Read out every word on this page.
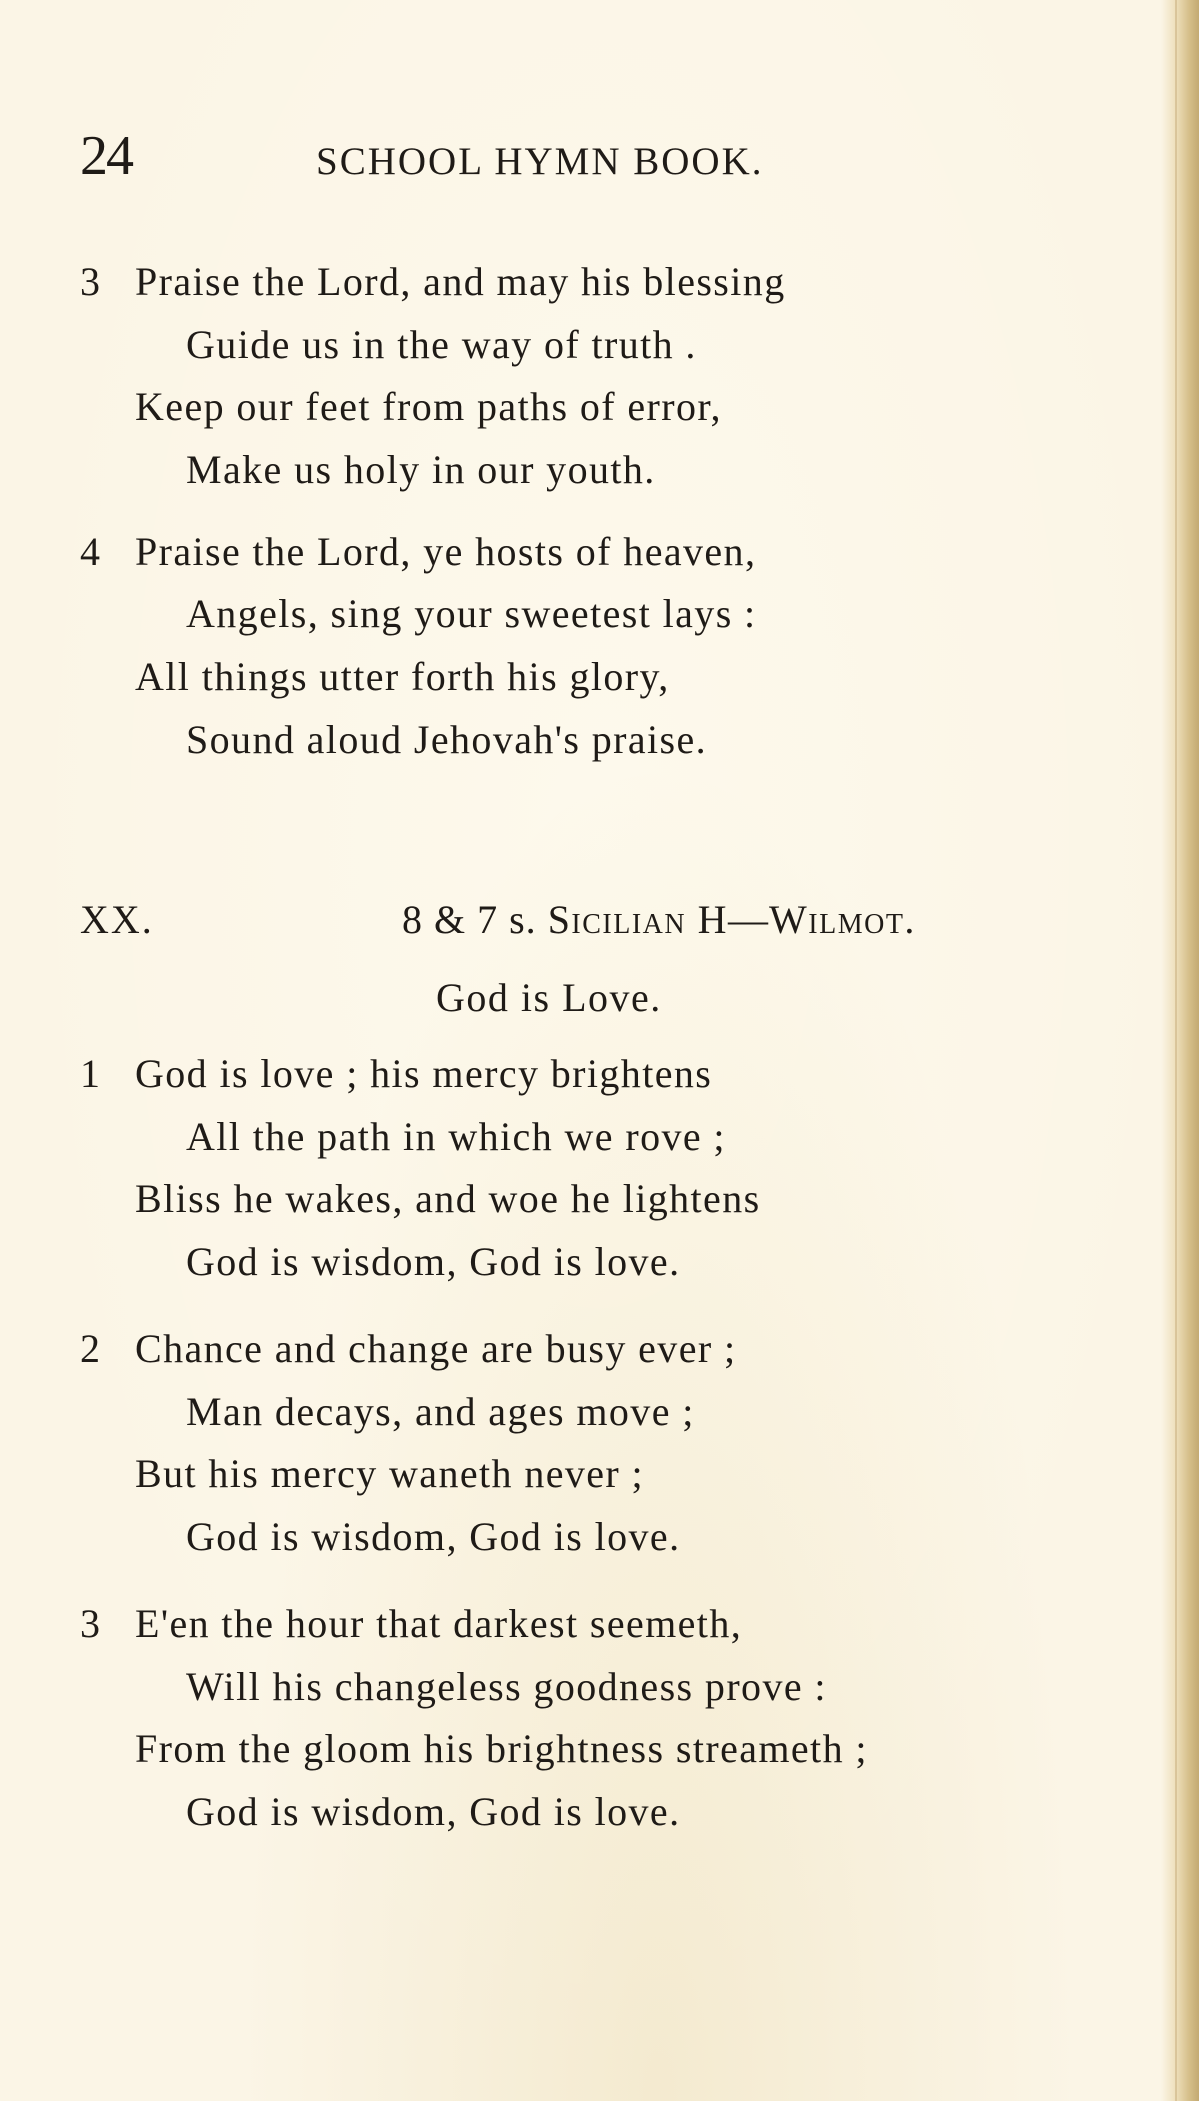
24	SCHOOL HYMN BOOK.
3 Praise the Lord, and may his blessing
Guide us in the way of truth .
Keep our feet from paths of error,
Make us holy in our youth.
4 Praise the Lord, ye hosts of heaven,
Angels, sing your sweetest lays :
All things utter forth his glory,
Sound aloud Jehovah's praise.
XX.	8 & 7 s. Sicilian H—Wilmot.
God is Love.
1 God is love ; his mercy brightens
All the path in which we rove ;
Bliss he wakes, and woe he lightens
God is wisdom, God is love.
2 Chance and change are busy ever ;
Man decays, and ages move ;
But his mercy waneth never ;
God is wisdom, God is love.
3 E'en the hour that darkest seemeth,
Will his changeless goodness prove :
From the gloom his brightness streameth ;
God is wisdom, God is love.
